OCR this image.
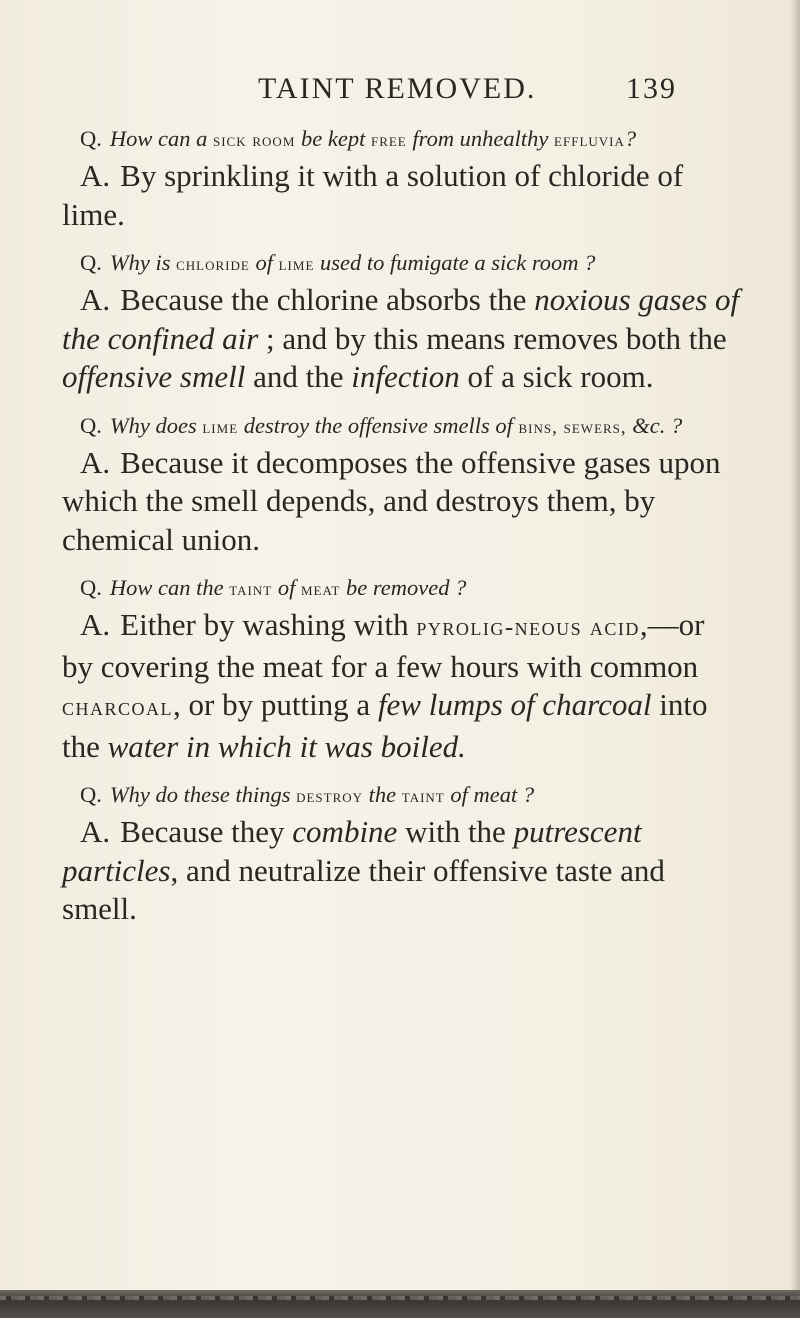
TAINT REMOVED.	139

Q. How can a sick room be kept free from unhealthy effluvia?

A. By sprinkling it with a solution of chloride of lime.

Q. Why is chloride of lime used to fumigate a sick room ?

A. Because the chlorine absorbs the noxious gases of the confined air ; and by this means removes both the offensive smell and the infection of a sick room.

Q. Why does lime destroy the offensive smells of bins, sewers, &c. ?

A. Because it decomposes the offensive gases upon which the smell depends, and destroys them, by chemical union.

Q. How can the taint of meat be removed ?

A. Either by washing with pyrolig-neous acid,—or by covering the meat for a few hours with common charcoal, or by putting a few lumps of charcoal into the water in which it was boiled.

Q. Why do these things destroy the taint of meat ?

A. Because they combine with the putrescent particles, and neutralize their offensive taste and smell.
